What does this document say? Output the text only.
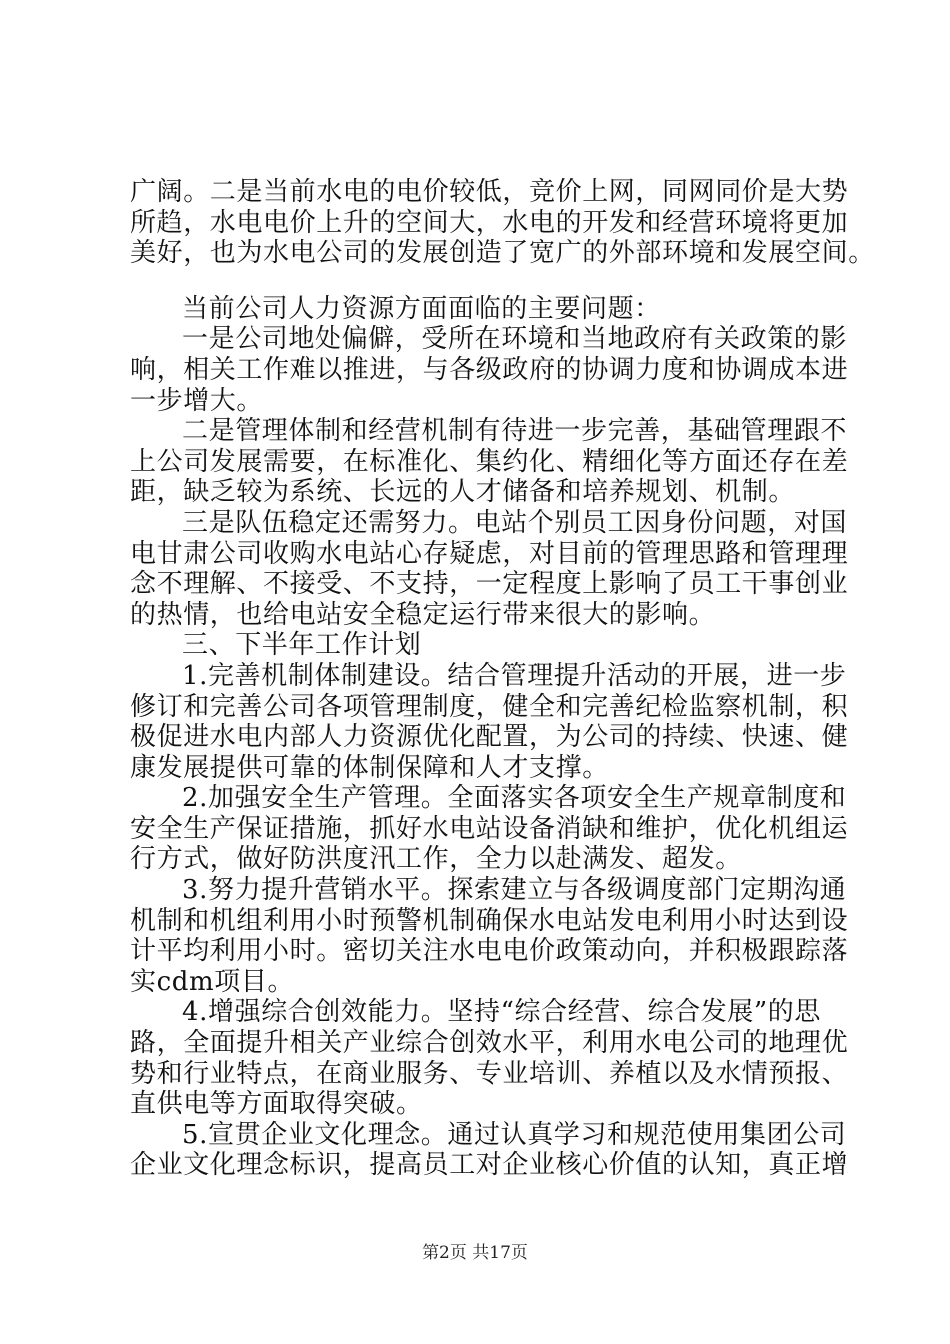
广阔。二是当前水电的电价较低，竞价上网，同网同价是大势
所趋，水电电价上升的空间大，水电的开发和经营环境将更加
美好，也为水电公司的发展创造了宽广的外部环境和发展空间。
当前公司人力资源方面面临的主要问题：
一是公司地处偏僻，受所在环境和当地政府有关政策的影
响，相关工作难以推进，与各级政府的协调力度和协调成本进
一步增大。
二是管理体制和经营机制有待进一步完善，基础管理跟不
上公司发展需要，在标准化、集约化、精细化等方面还存在差
距，缺乏较为系统、长远的人才储备和培养规划、机制。
三是队伍稳定还需努力。电站个别员工因身份问题，对国
电甘肃公司收购水电站心存疑虑，对目前的管理思路和管理理
念不理解、不接受、不支持，一定程度上影响了员工干事创业
的热情，也给电站安全稳定运行带来很大的影响。
三、下半年工作计划
1.完善机制体制建设。结合管理提升活动的开展，进一步
修订和完善公司各项管理制度，健全和完善纪检监察机制，积
极促进水电内部人力资源优化配置，为公司的持续、快速、健
康发展提供可靠的体制保障和人才支撑。
2.加强安全生产管理。全面落实各项安全生产规章制度和
安全生产保证措施，抓好水电站设备消缺和维护，优化机组运
行方式，做好防洪度汛工作，全力以赴满发、超发。
3.努力提升营销水平。探索建立与各级调度部门定期沟通
机制和机组利用小时预警机制确保水电站发电利用小时达到设
计平均利用小时。密切关注水电电价政策动向，并积极跟踪落
实cdm项目。
4.增强综合创效能力。坚持“综合经营、综合发展”的思
路，全面提升相关产业综合创效水平，利用水电公司的地理优
势和行业特点，在商业服务、专业培训、养植以及水情预报、
直供电等方面取得突破。
5.宣贯企业文化理念。通过认真学习和规范使用集团公司
企业文化理念标识，提高员工对企业核心价值的认知，真正增
第2页 共17页
